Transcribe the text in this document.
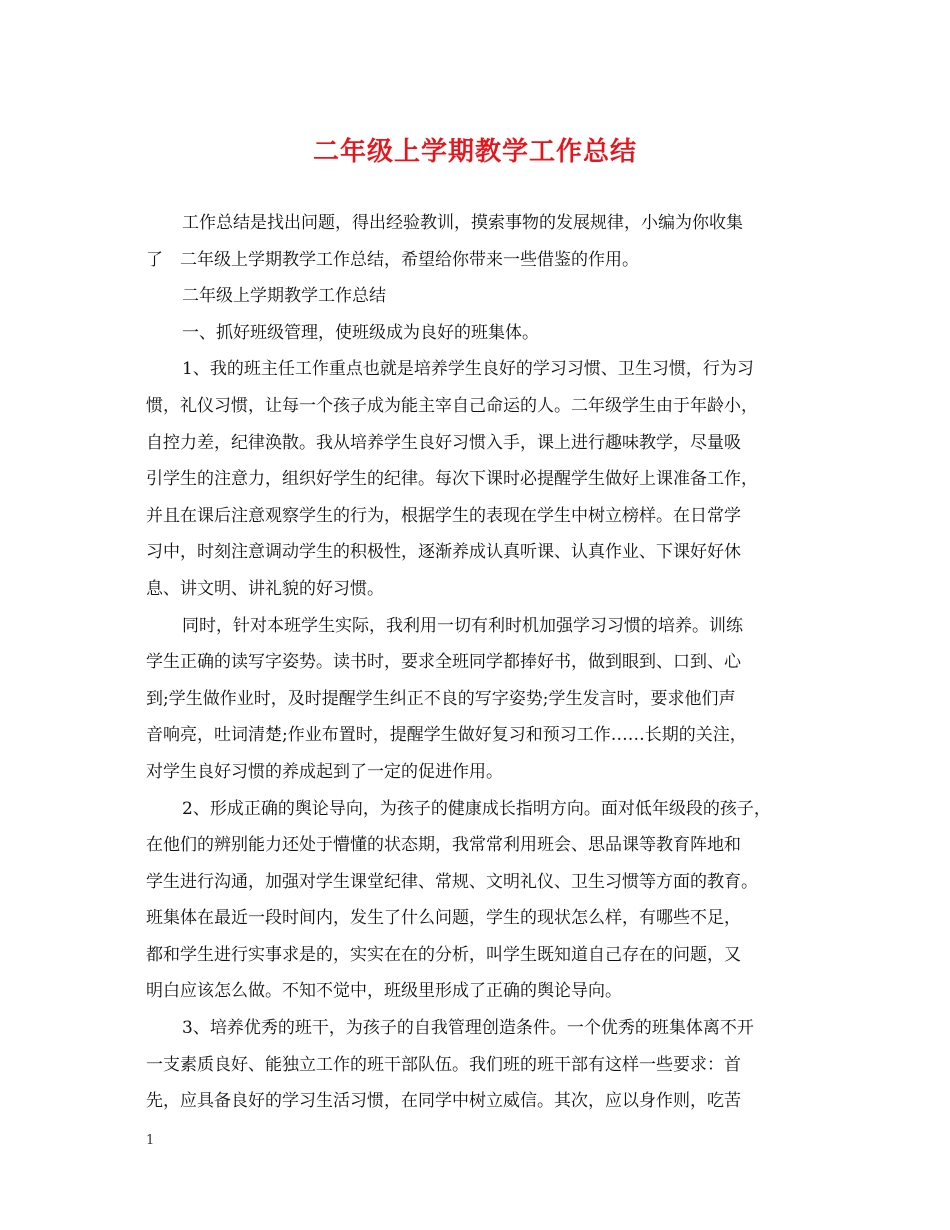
二年级上学期教学工作总结
工作总结是找出问题，得出经验教训，摸索事物的发展规律，小编为你收集
了　二年级上学期教学工作总结，希望给你带来一些借鉴的作用。
二年级上学期教学工作总结
一、抓好班级管理，使班级成为良好的班集体。
1、我的班主任工作重点也就是培养学生良好的学习习惯、卫生习惯，行为习
惯，礼仪习惯，让每一个孩子成为能主宰自己命运的人。二年级学生由于年龄小，
自控力差，纪律涣散。我从培养学生良好习惯入手，课上进行趣味教学，尽量吸
引学生的注意力，组织好学生的纪律。每次下课时必提醒学生做好上课准备工作，
并且在课后注意观察学生的行为，根据学生的表现在学生中树立榜样。在日常学
习中，时刻注意调动学生的积极性，逐渐养成认真听课、认真作业、下课好好休
息、讲文明、讲礼貌的好习惯。
同时，针对本班学生实际，我利用一切有利时机加强学习习惯的培养。训练
学生正确的读写字姿势。读书时，要求全班同学都捧好书，做到眼到、口到、心
到;学生做作业时，及时提醒学生纠正不良的写字姿势;学生发言时，要求他们声
音响亮，吐词清楚;作业布置时，提醒学生做好复习和预习工作……长期的关注，
对学生良好习惯的养成起到了一定的促进作用。
2、形成正确的舆论导向，为孩子的健康成长指明方向。面对低年级段的孩子，
在他们的辨别能力还处于懵懂的状态期，我常常利用班会、思品课等教育阵地和
学生进行沟通，加强对学生课堂纪律、常规、文明礼仪、卫生习惯等方面的教育。
班集体在最近一段时间内，发生了什么问题，学生的现状怎么样，有哪些不足，
都和学生进行实事求是的，实实在在的分析，叫学生既知道自己存在的问题，又
明白应该怎么做。不知不觉中，班级里形成了正确的舆论导向。
3、培养优秀的班干，为孩子的自我管理创造条件。一个优秀的班集体离不开
一支素质良好、能独立工作的班干部队伍。我们班的班干部有这样一些要求：首
先，应具备良好的学习生活习惯，在同学中树立威信。其次，应以身作则，吃苦
1
